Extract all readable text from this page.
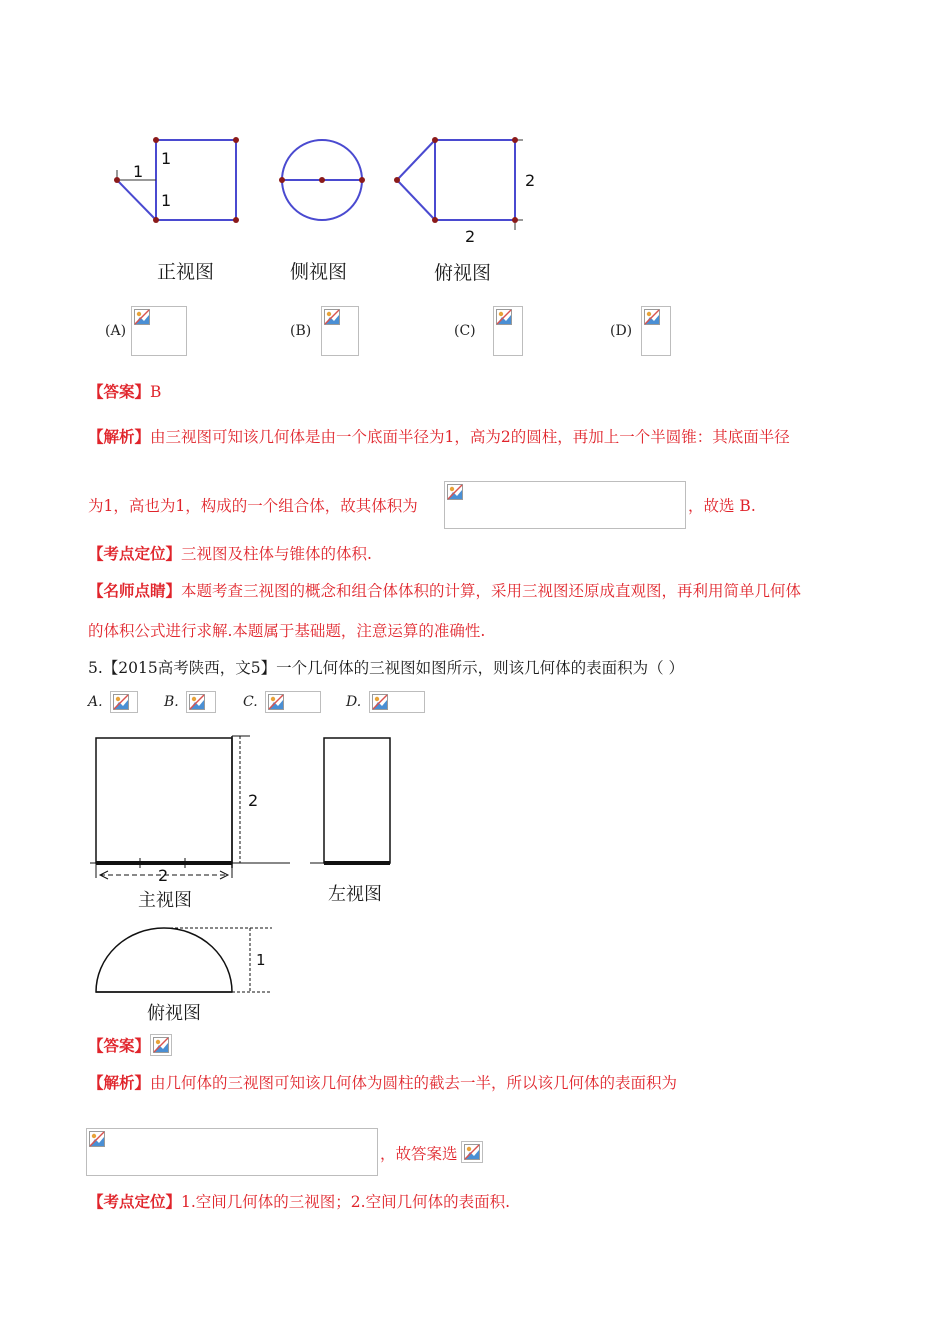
1
1
1
2
2
正视图	侧视图	俯视图
(A)	(B)	(C)	(D)
【答案】B
【解析】由三视图可知该几何体是由一个底面半径为1，高为2的圆柱，再加上一个半圆锥：其底面半径
为1，高也为1，构成的一个组合体，故其体积为	，故选 B.
【考点定位】三视图及柱体与锥体的体积.
【名师点睛】本题考查三视图的概念和组合体体积的计算，采用三视图还原成直观图，再利用简单几何体
的体积公式进行求解.本题属于基础题，注意运算的准确性.
5.【2015高考陕西，文5】一个几何体的三视图如图所示，则该几何体的表面积为（ ）
A.	B.	C.	D.
2
2
1
主视图	左视图
俯视图
【答案】
【解析】由几何体的三视图可知该几何体为圆柱的截去一半，所以该几何体的表面积为
，故答案选
【考点定位】1.空间几何体的三视图；2.空间几何体的表面积.
